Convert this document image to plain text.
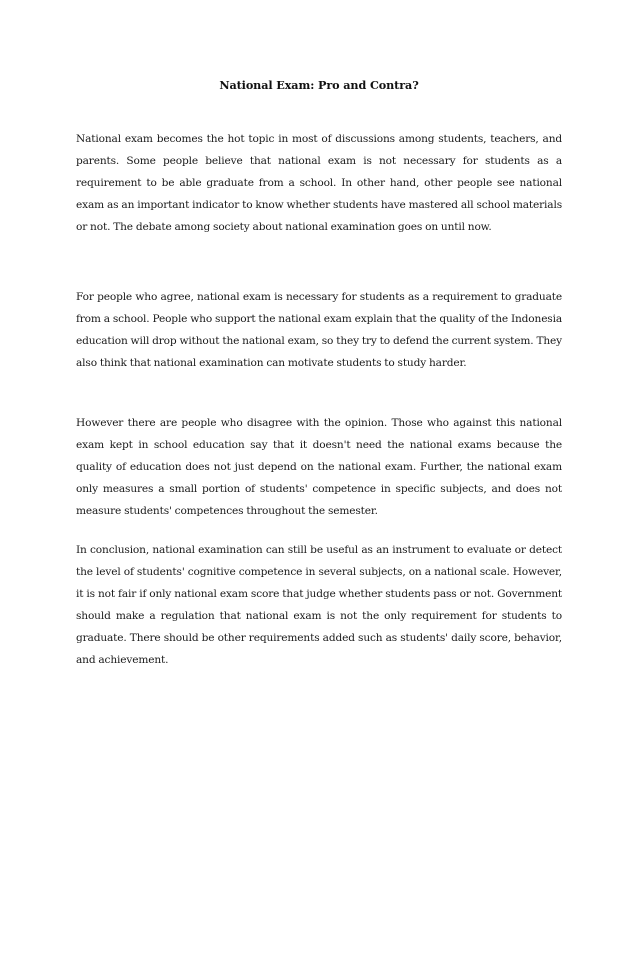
National Exam: Pro and Contra?
National exam becomes the hot topic in most of discussions among students, teachers, and parents. Some people believe that national exam is not necessary for students as a requirement to be able graduate from a school. In other hand, other people see national exam as an important indicator to know whether students have mastered all school materials or not. The debate among society about national examination goes on until now.
For people who agree, national exam is necessary for students as a requirement to graduate from a school. People who support the national exam explain that the quality of the Indonesia education will drop without the national exam, so they try to defend the current system. They also think that national examination can motivate students to study harder.
However there are people who disagree with the opinion. Those who against this national exam kept in school education say that it doesn't need the national exams because the quality of education does not just depend on the national exam. Further, the national exam only measures a small portion of students' competence in specific subjects, and does not measure students' competences throughout the semester.
In conclusion, national examination can still be useful as an instrument to evaluate or detect the level of students' cognitive competence in several subjects, on a national scale. However, it is not fair if only national exam score that judge whether students pass or not. Government should make a regulation that national exam is not the only requirement for students to graduate. There should be other requirements added such as students' daily score, behavior, and achievement.
